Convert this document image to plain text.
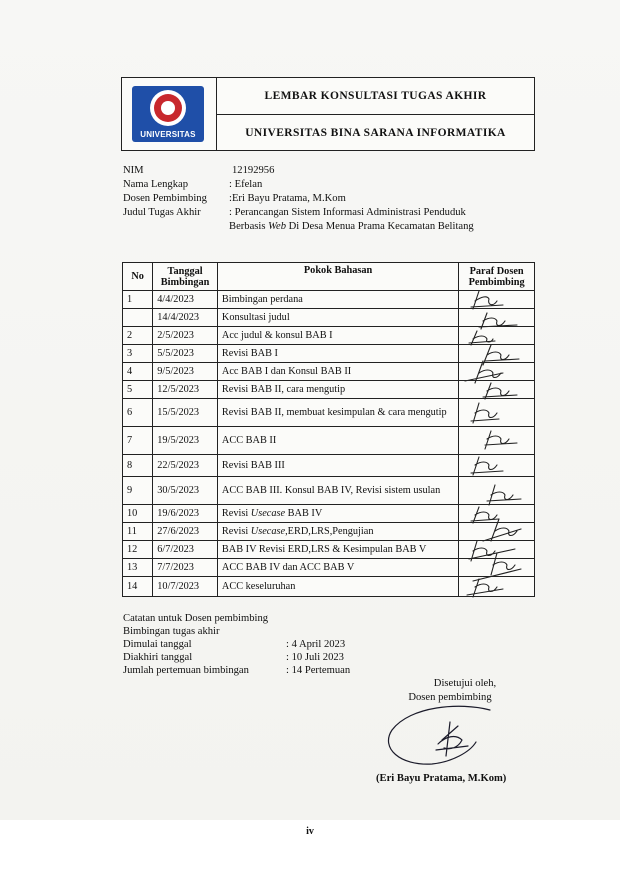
UNIVERSITAS
LEMBAR KONSULTASI TUGAS AKHIR
UNIVERSITAS BINA SARANA INFORMATIKA
NIM	12192956
Nama Lengkap	: Efelan
Dosen Pembimbing :Eri Bayu Pratama, M.Kom
Judul Tugas Akhir	: Perancangan Sistem Informasi Administrasi Penduduk
Berbasis Web Di Desa Menua Prama Kecamatan Belitang
No	Tanggal Bimbingan	Pokok Bahasan	Paraf Dosen Pembimbing
1	4/4/2023	Bimbingan perdana	

	14/4/2023	Konsultasi judul	

2	2/5/2023	Acc judul & konsul BAB I	

3	5/5/2023	Revisi BAB I	

4	9/5/2023	Acc BAB I dan Konsul BAB II	

5	12/5/2023	Revisi BAB II, cara mengutip	

6	15/5/2023	Revisi BAB II, membuat kesimpulan & cara mengutip	

7	19/5/2023	ACC BAB II	

8	22/5/2023	Revisi BAB III	

9	30/5/2023	ACC BAB III. Konsul BAB IV, Revisi sistem usulan	

10	19/6/2023	Revisi Usecase BAB IV	

11	27/6/2023	Revisi Usecase,ERD,LRS,Pengujian	

12	6/7/2023	BAB IV Revisi ERD,LRS & Kesimpulan BAB V	

13	7/7/2023	ACC BAB IV dan ACC BAB V	

14	10/7/2023	ACC keseluruhan	
Catatan untuk Dosen pembimbing
Bimbingan tugas akhir
Dimulai tanggal	: 4 April 2023
Diakhiri tanggal	: 10 Juli 2023
Jumlah pertemuan bimbingan	: 14 Pertemuan
Disetujui oleh,
Dosen pembimbing
(Eri Bayu Pratama, M.Kom)
iv
